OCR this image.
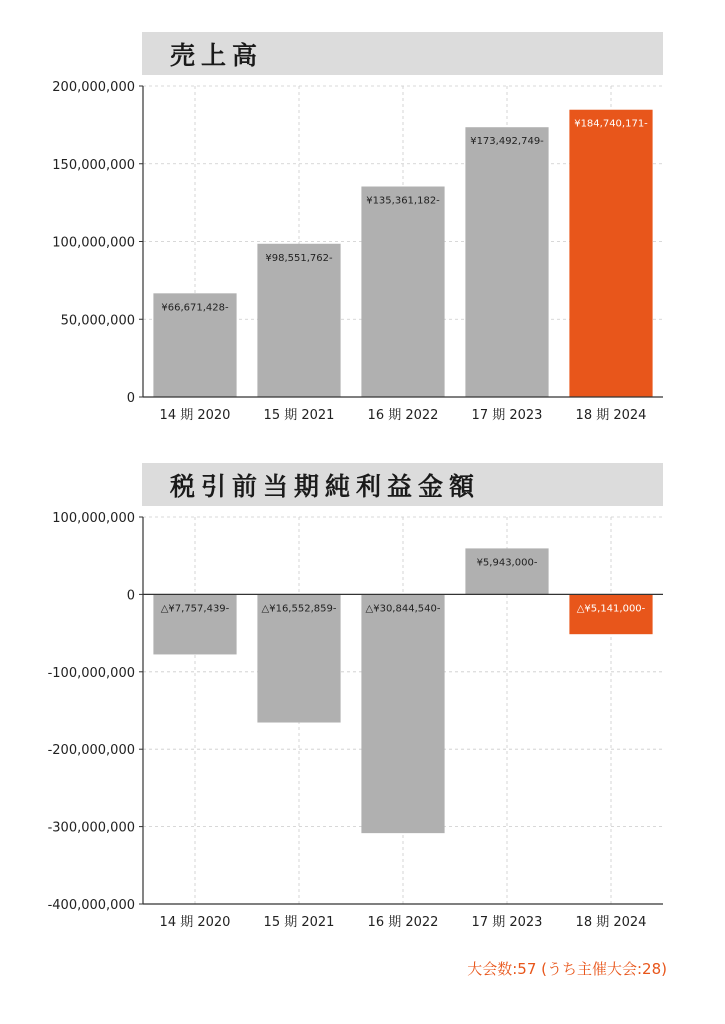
売上高
0
50,000,000
100,000,000
150,000,000
200,000,000
¥66,671,428-
¥98,551,762-
¥135,361,182-
¥173,492,749-
¥184,740,171-
14 期 2020	15 期 2021	16 期 2022	17 期 2023	18 期 2024
税引前当期純利益金額
-400,000,000
-300,000,000
-200,000,000
-100,000,000
0
100,000,000
△¥7,757,439-	△¥16,552,859-	△¥30,844,540-
¥5,943,000-
△¥5,141,000-
14 期 2020	15 期 2021	16 期 2022	17 期 2023	18 期 2024
大会数:57 (うち主催大会:28)
